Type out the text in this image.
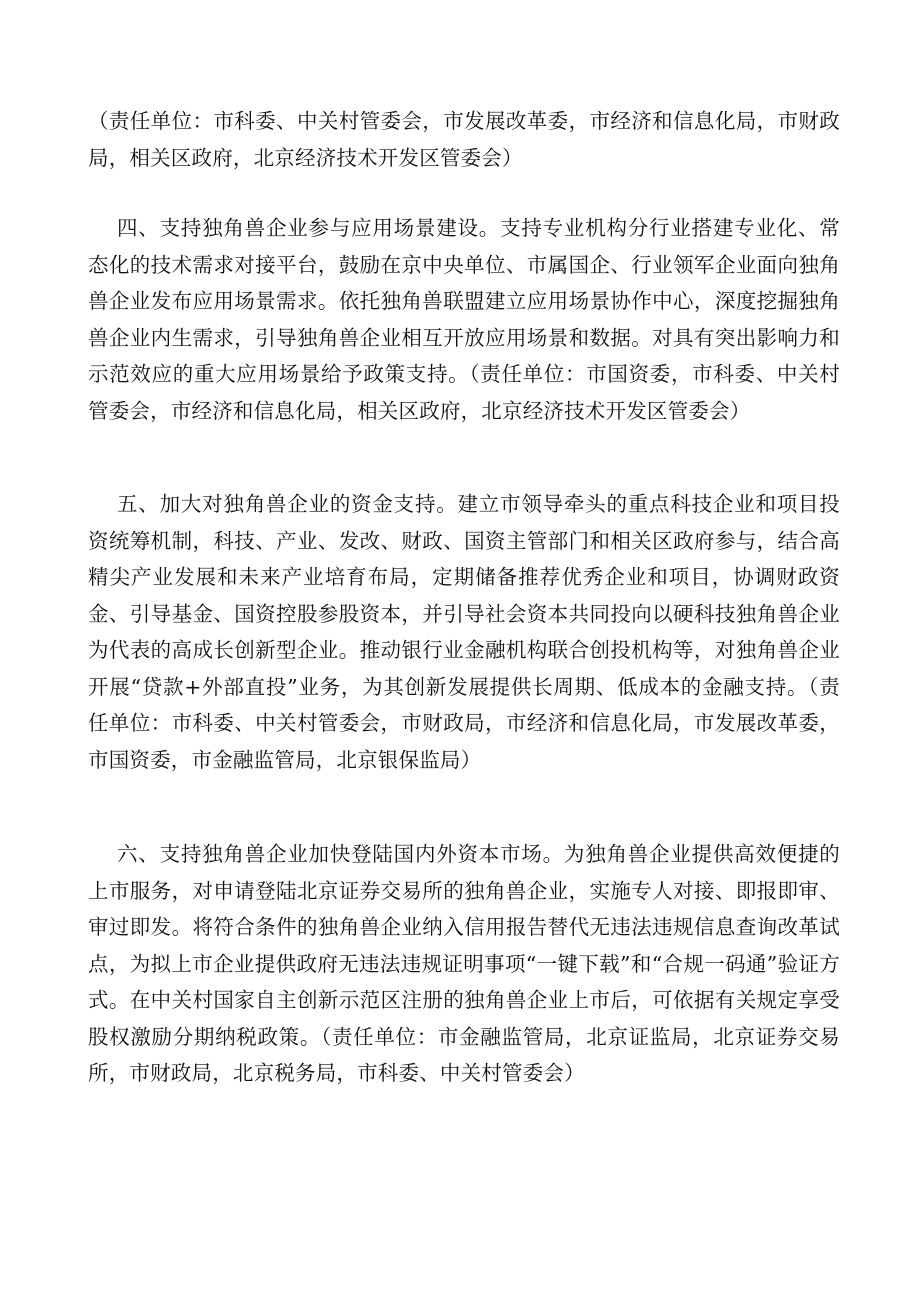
（责任单位：市科委、中关村管委会，市发展改革委，市经济和信息化局，市财政局，相关区政府，北京经济技术开发区管委会）

四、支持独角兽企业参与应用场景建设。支持专业机构分行业搭建专业化、常态化的技术需求对接平台，鼓励在京中央单位、市属国企、行业领军企业面向独角兽企业发布应用场景需求。依托独角兽联盟建立应用场景协作中心，深度挖掘独角兽企业内生需求，引导独角兽企业相互开放应用场景和数据。对具有突出影响力和示范效应的重大应用场景给予政策支持。（责任单位：市国资委，市科委、中关村管委会，市经济和信息化局，相关区政府，北京经济技术开发区管委会）

五、加大对独角兽企业的资金支持。建立市领导牵头的重点科技企业和项目投资统筹机制，科技、产业、发改、财政、国资主管部门和相关区政府参与，结合高精尖产业发展和未来产业培育布局，定期储备推荐优秀企业和项目，协调财政资金、引导基金、国资控股参股资本，并引导社会资本共同投向以硬科技独角兽企业为代表的高成长创新型企业。推动银行业金融机构联合创投机构等，对独角兽企业开展“贷款+外部直投”业务，为其创新发展提供长周期、低成本的金融支持。（责任单位：市科委、中关村管委会，市财政局，市经济和信息化局，市发展改革委，市国资委，市金融监管局，北京银保监局）

六、支持独角兽企业加快登陆国内外资本市场。为独角兽企业提供高效便捷的上市服务，对申请登陆北京证券交易所的独角兽企业，实施专人对接、即报即审、审过即发。将符合条件的独角兽企业纳入信用报告替代无违法违规信息查询改革试点，为拟上市企业提供政府无违法违规证明事项“一键下载”和“合规一码通”验证方式。在中关村国家自主创新示范区注册的独角兽企业上市后，可依据有关规定享受股权激励分期纳税政策。（责任单位：市金融监管局，北京证监局，北京证券交易所，市财政局，北京税务局，市科委、中关村管委会）
